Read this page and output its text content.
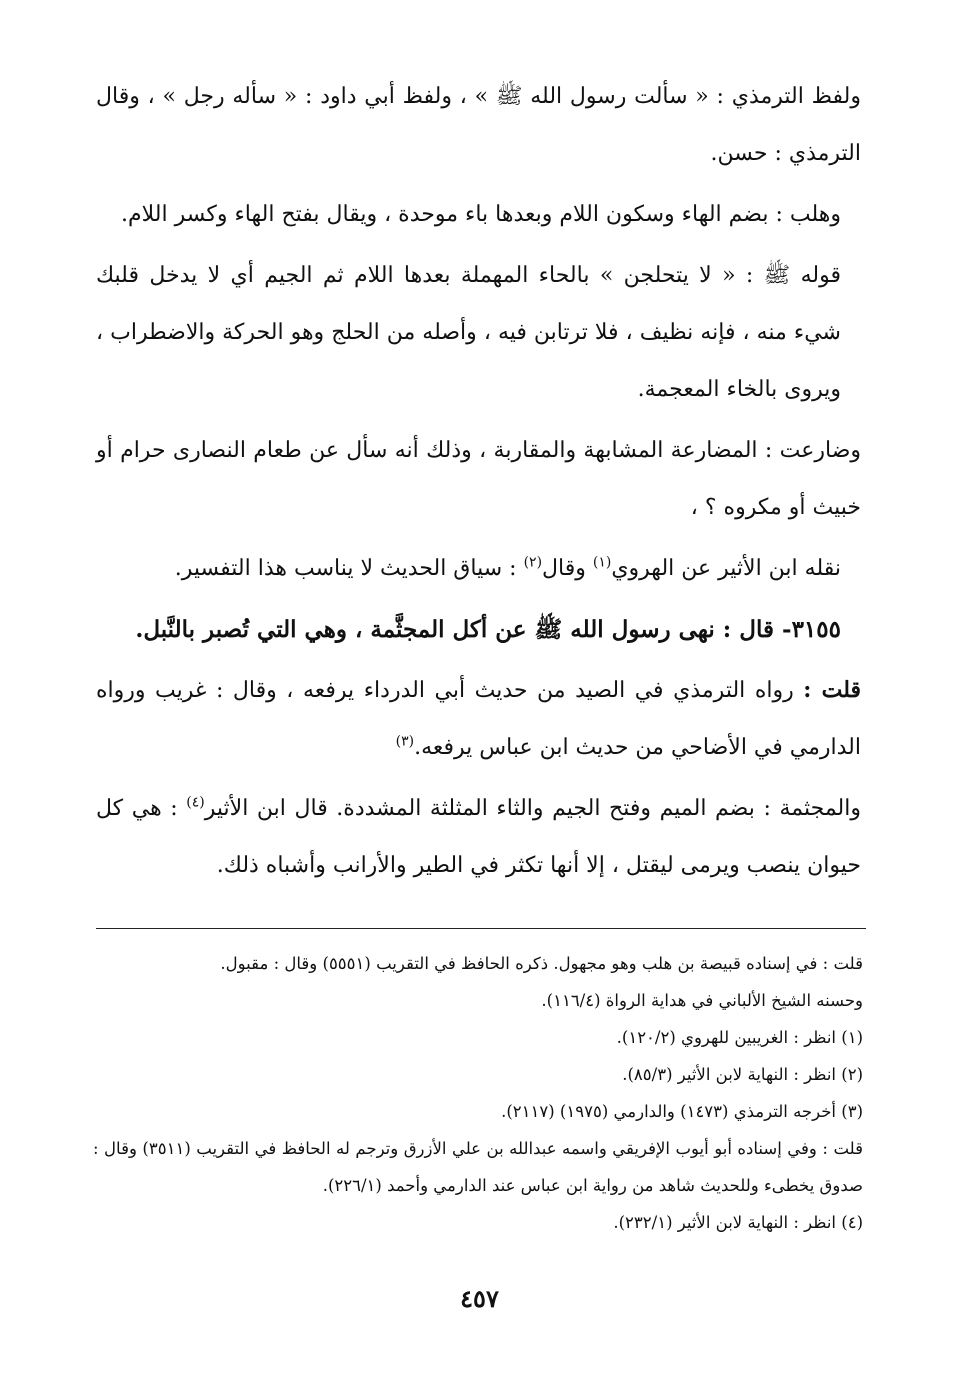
ولفظ الترمذي : « سألت رسول الله ﷺ » ، ولفظ أبي داود : « سأله رجل » ، وقال الترمذي : حسن.

وهلب : بضم الهاء وسكون اللام وبعدها باء موحدة ، ويقال بفتح الهاء وكسر اللام.

قوله ﷺ : « لا يتحلجن » بالحاء المهملة بعدها اللام ثم الجيم أي لا يدخل قلبك شيء منه ، فإنه نظيف ، فلا ترتابن فيه ، وأصله من الحلج وهو الحركة والاضطراب ، ويروى بالخاء المعجمة.

وضارعت : المضارعة المشابهة والمقاربة ، وذلك أنه سأل عن طعام النصارى حرام أو خبيث أو مكروه ؟ ،

نقله ابن الأثير عن الهروي$^{(١)}$ وقال$^{(٢)}$ : سياق الحديث لا يناسب هذا التفسير.

٣١٥٥- قال : نهى رسول الله ﷺ عن أكل المجثَّمة ، وهي التي تُصبر بالنَّبل.

قلت : رواه الترمذي في الصيد من حديث أبي الدرداء يرفعه ، وقال : غريب ورواه الدارمي في الأضاحي من حديث ابن عباس يرفعه.$^{(٣)}$

والمجثمة : بضم الميم وفتح الجيم والثاء المثلثة المشددة. قال ابن الأثير$^{(٤)}$ : هي كل حيوان ينصب ويرمى ليقتل ، إلا أنها تكثر في الطير والأرانب وأشباه ذلك.

قلت : في إسناده قبيصة بن هلب وهو مجهول. ذكره الحافظ في التقريب (٥٥٥١) وقال : مقبول.

وحسنه الشيخ الألباني في هداية الرواة (١١٦/٤).

(١) انظر : الغريبين للهروي (١٢٠/٢).

(٢) انظر : النهاية لابن الأثير (٨٥/٣).

(٣) أخرجه الترمذي (١٤٧٣) والدارمي (١٩٧٥) (٢١١٧).

قلت : وفي إسناده أبو أيوب الإفريقي واسمه عبدالله بن علي الأزرق وترجم له الحافظ في التقريب (٣٥١١) وقال : صدوق يخطىء وللحديث شاهد من رواية ابن عباس عند الدارمي وأحمد (٢٢٦/١).

(٤) انظر : النهاية لابن الأثير (٢٣٢/١).

٤٥٧
